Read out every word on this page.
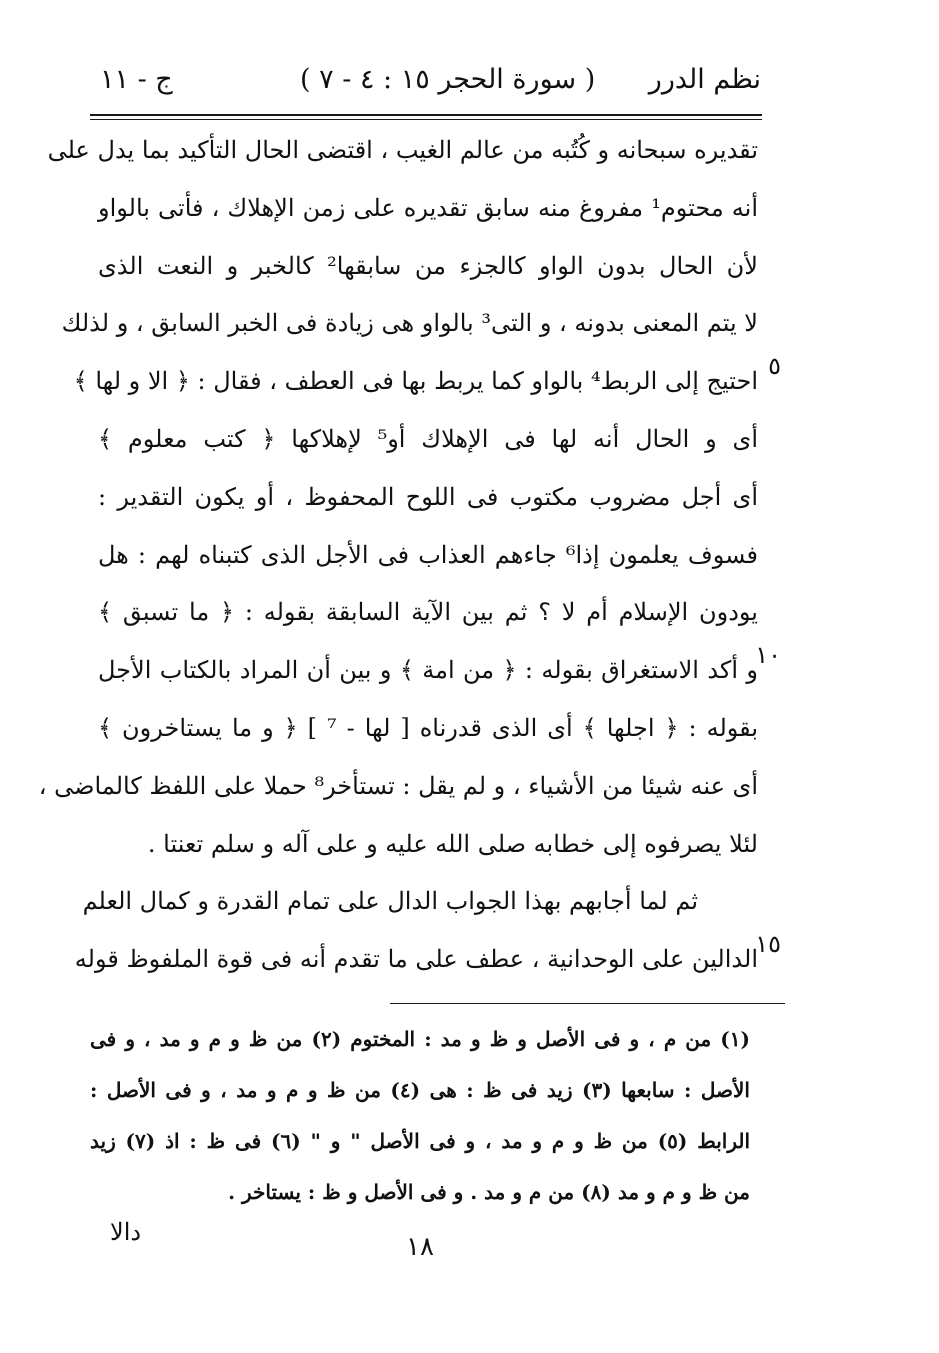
نظم الدرر
( سورة الحجر ١٥ : ٤ - ٧ )
ج - ١١
تقديره سبحانه و كُتُبه من عالم الغيب ، اقتضى الحال التأكيد بما يدل على
أنه محتوم¹ مفروغ منه سابق تقديره على زمن الإهلاك ، فأتى بالواو
لأن الحال بدون الواو كالجزء من سابقها² كالخبر و النعت الذى
لا يتم المعنى بدونه ، و التى³ بالواو هى زيادة فى الخبر السابق ، و لذلك
احتيج إلى الربط⁴ بالواو كما يربط بها فى العطف ، فقال : ﴿ الا و لها ﴾
أى و الحال أنه لها فى الإهلاك أو⁵ لإهلاكها ﴿ كتب معلوم ﴾
أى أجل مضروب مكتوب فى اللوح المحفوظ ، أو يكون التقدير :
فسوف يعلمون إذا⁶ جاءهم العذاب فى الأجل الذى كتبناه لهم : هل
يودون الإسلام أم لا ؟ ثم بين الآية السابقة بقوله : ﴿ ما تسبق ﴾
و أكد الاستغراق بقوله : ﴿ من امة ﴾ و بين أن المراد بالكتاب الأجل
بقوله : ﴿ اجلها ﴾ أى الذى قدرناه [ لها - ⁷ ] ﴿ و ما يستاخرون ﴾
أى عنه شيئا من الأشياء ، و لم يقل : تستأخر⁸ حملا على اللفظ كالماضى ،
لئلا يصرفوه إلى خطابه صلى الله عليه و على آله و سلم تعنتا .
ثم لما أجابهم بهذا الجواب الدال على تمام القدرة و كمال العلم
الدالين على الوحدانية ، عطف على ما تقدم أنه فى قوة الملفوظ قوله
٥
١٠
١٥
(١) من م ، و فى الأصل و ظ و مد : المختوم (٢) من ظ و م و مد ، و فى
الأصل : سابعها (٣) زيد فى ظ : هى (٤) من ظ و م و مد ، و فى الأصل :
الرابط (٥) من ظ و م و مد ، و فى الأصل " و " (٦) فى ظ : اذ (٧) زيد
من ظ و م و مد (٨) من م و مد . و فى الأصل و ظ : يستاخر .
١٨
دالا
